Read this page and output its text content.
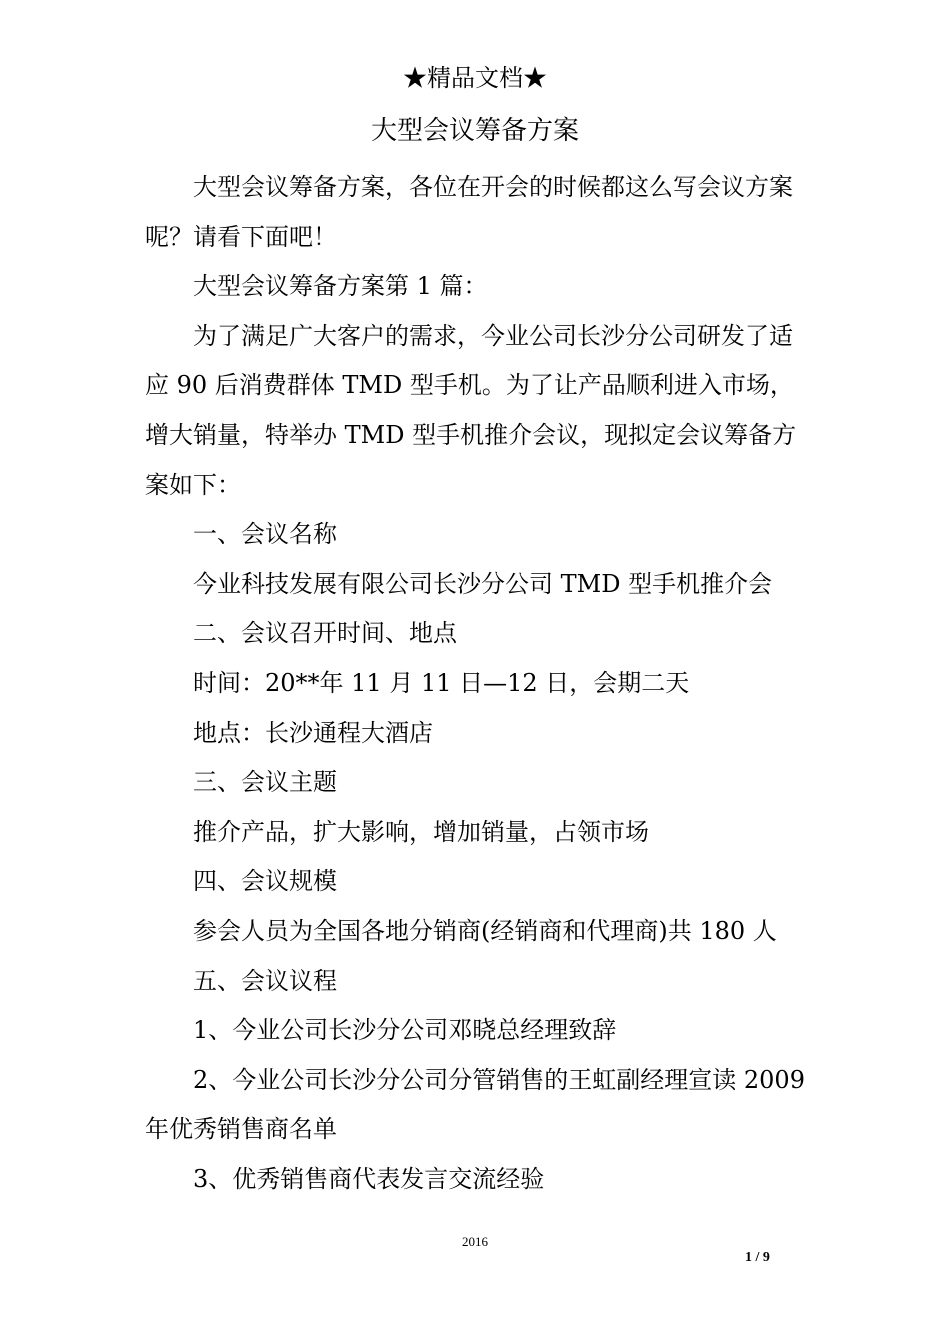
★精品文档★
大型会议筹备方案

大型会议筹备方案，各位在开会的时候都这么写会议方案呢？请看下面吧！

大型会议筹备方案第 1 篇：

为了满足广大客户的需求，今业公司长沙分公司研发了适应 90 后消费群体 TMD 型手机。为了让产品顺利进入市场，增大销量，特举办 TMD 型手机推介会议，现拟定会议筹备方案如下：

一、会议名称

今业科技发展有限公司长沙分公司 TMD 型手机推介会

二、会议召开时间、地点

时间：20**年 11 月 11 日—12 日，会期二天

地点：长沙通程大酒店

三、会议主题

推介产品，扩大影响，增加销量，占领市场

四、会议规模

参会人员为全国各地分销商(经销商和代理商)共 180 人

五、会议议程

1、今业公司长沙分公司邓晓总经理致辞

2、今业公司长沙分公司分管销售的王虹副经理宣读 2009 年优秀销售商名单

3、优秀销售商代表发言交流经验

2016
1 / 9
